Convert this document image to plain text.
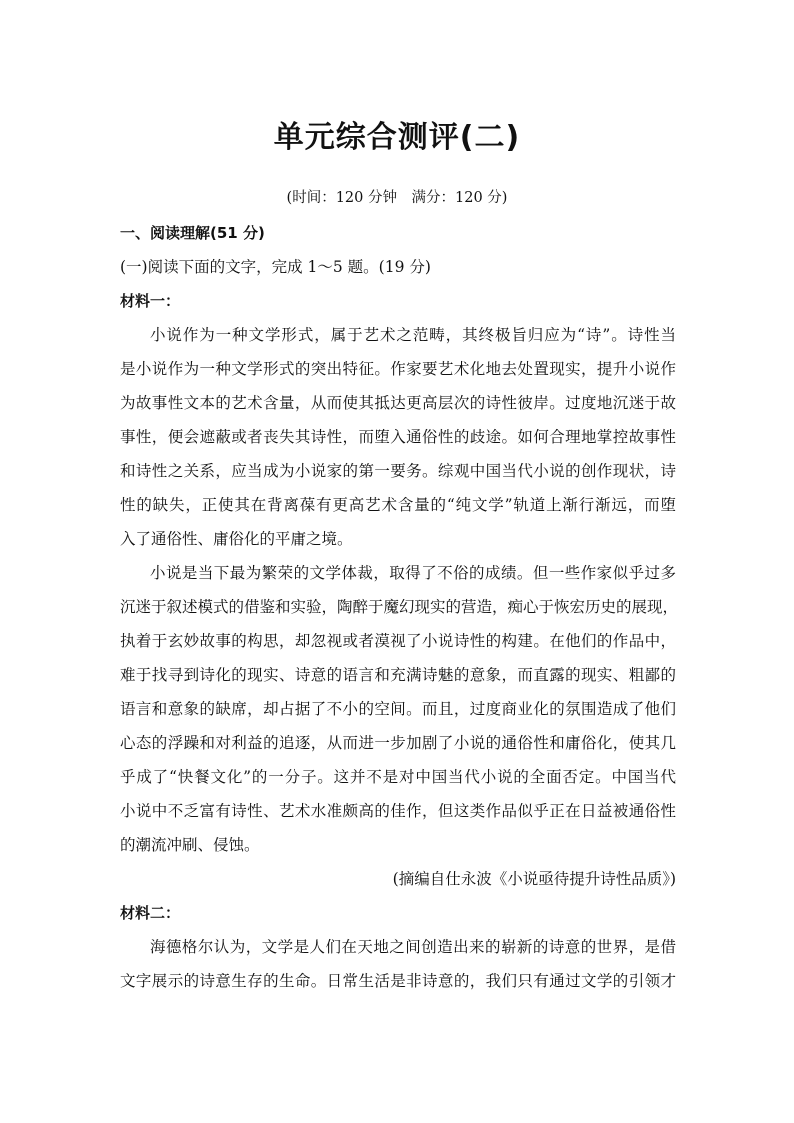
单元综合测评(二)
(时间：120 分钟　满分：120 分)
一、阅读理解(51 分)
(一)阅读下面的文字，完成 1～5 题。(19 分)
材料一：
小说作为一种文学形式，属于艺术之范畴，其终极旨归应为“诗”。诗性当
是小说作为一种文学形式的突出特征。作家要艺术化地去处置现实，提升小说作
为故事性文本的艺术含量，从而使其抵达更高层次的诗性彼岸。过度地沉迷于故
事性，便会遮蔽或者丧失其诗性，而堕入通俗性的歧途。如何合理地掌控故事性
和诗性之关系，应当成为小说家的第一要务。综观中国当代小说的创作现状，诗
性的缺失，正使其在背离葆有更高艺术含量的“纯文学”轨道上渐行渐远，而堕
入了通俗性、庸俗化的平庸之境。
小说是当下最为繁荣的文学体裁，取得了不俗的成绩。但一些作家似乎过多
沉迷于叙述模式的借鉴和实验，陶醉于魔幻现实的营造，痴心于恢宏历史的展现，
执着于玄妙故事的构思，却忽视或者漠视了小说诗性的构建。在他们的作品中，
难于找寻到诗化的现实、诗意的语言和充满诗魅的意象，而直露的现实、粗鄙的
语言和意象的缺席，却占据了不小的空间。而且，过度商业化的氛围造成了他们
心态的浮躁和对利益的追逐，从而进一步加剧了小说的通俗性和庸俗化，使其几
乎成了“快餐文化”的一分子。这并不是对中国当代小说的全面否定。中国当代
小说中不乏富有诗性、艺术水准颇高的佳作，但这类作品似乎正在日益被通俗性
的潮流冲刷、侵蚀。
(摘编自仕永波《小说亟待提升诗性品质》)
材料二：
海德格尔认为，文学是人们在天地之间创造出来的崭新的诗意的世界，是借
文字展示的诗意生存的生命。日常生活是非诗意的，我们只有通过文学的引领才
